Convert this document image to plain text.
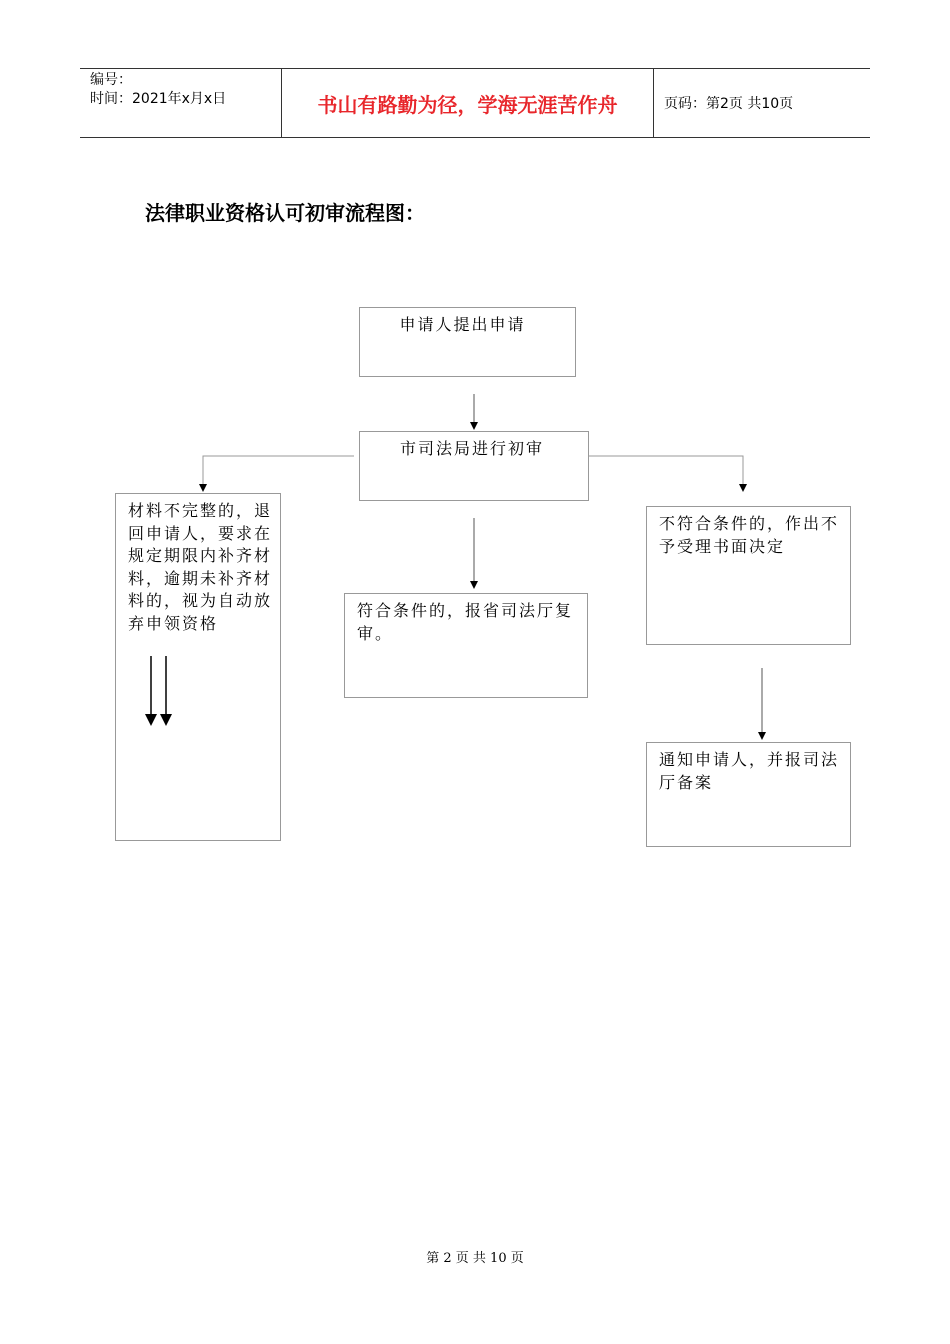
编号：
时间：2021年x月x日	书山有路勤为径，学海无涯苦作舟	页码：第2页 共10页
法律职业资格认可初审流程图：
申请人提出申请
市司法局进行初审
材料不完整的，退回申请人，要求在规定期限内补齐材料，逾期未补齐材料的，视为自动放弃申领资格
符合条件的，报省司法厅复审。
不符合条件的，作出不予受理书面决定
通知申请人，并报司法厅备案
第 2 页 共 10 页
